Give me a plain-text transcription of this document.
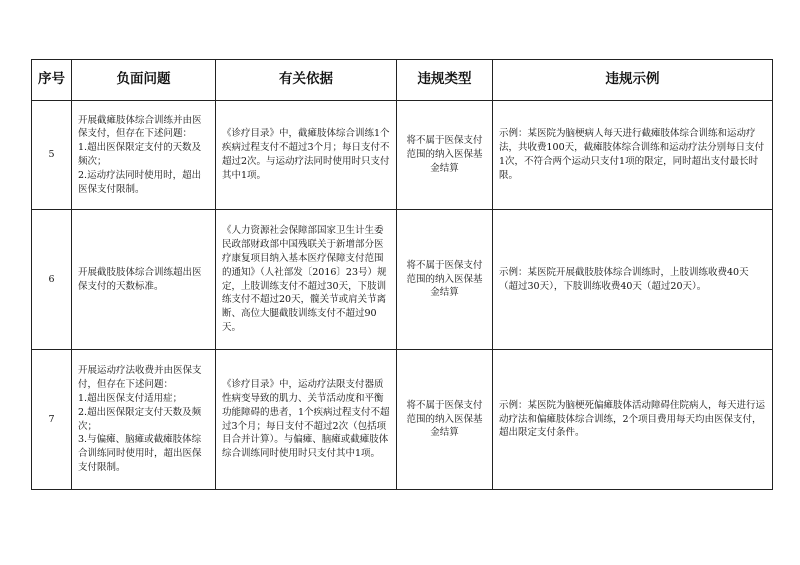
序号	负面问题	有关依据	违规类型	违规示例
5	开展截瘫肢体综合训练并由医保支付，但存在下述问题：
1.超出医保限定支付的天数及频次；
2.运动疗法同时使用时，超出医保支付限制。	《诊疗目录》中，截瘫肢体综合训练1个疾病过程支付不超过3个月；每日支付不超过2次。与运动疗法同时使用时只支付其中1项。	将不属于医保支付范围的纳入医保基金结算	示例：某医院为脑梗病人每天进行截瘫肢体综合训练和运动疗法，共收费100天，截瘫肢体综合训练和运动疗法分别每日支付1次，不符合两个运动只支付1项的限定，同时超出支付最长时限。
6	开展截肢肢体综合训练超出医保支付的天数标准。	《人力资源社会保障部国家卫生计生委民政部财政部中国残联关于新增部分医疗康复项目纳入基本医疗保障支付范围的通知》（人社部发〔2016〕23号）规定，上肢训练支付不超过30天，下肢训练支付不超过20天，髋关节或肩关节离断、高位大腿截肢训练支付不超过90天。	将不属于医保支付范围的纳入医保基金结算	示例：某医院开展截肢肢体综合训练时，上肢训练收费40天（超过30天），下肢训练收费40天（超过20天）。
7	开展运动疗法收费并由医保支付，但存在下述问题：
1.超出医保支付适用症；
2.超出医保限定支付天数及频次；
3.与偏瘫、脑瘫或截瘫肢体综合训练同时使用时，超出医保支付限制。	《诊疗目录》中，运动疗法限支付器质性病变导致的肌力、关节活动度和平衡功能障碍的患者，1个疾病过程支付不超过3个月；每日支付不超过2次（包括项目合并计算）。与偏瘫、脑瘫或截瘫肢体综合训练同时使用时只支付其中1项。	将不属于医保支付范围的纳入医保基金结算	示例：某医院为脑梗死偏瘫肢体活动障碍住院病人，每天进行运动疗法和偏瘫肢体综合训练，2个项目费用每天均由医保支付，超出限定支付条件。
